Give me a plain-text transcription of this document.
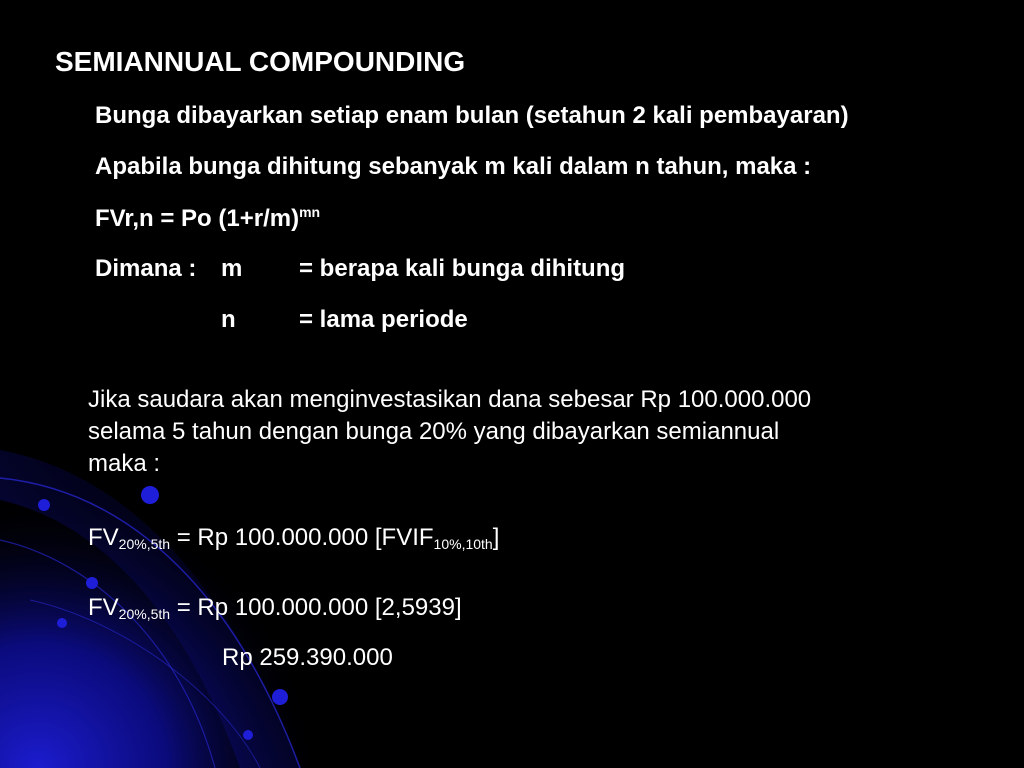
SEMIANNUAL COMPOUNDING
Bunga dibayarkan setiap enam bulan (setahun 2 kali pembayaran)
Apabila bunga dihitung sebanyak m kali dalam n tahun, maka :
FVr,n = Po $(1+r/m)^{mn}$
Dimana : m = berapa kali bunga dihitung
n	= lama periode
Jika saudara akan menginvestasikan dana sebesar Rp 100.000.000
selama 5 tahun dengan bunga 20% yang dibayarkan semiannual
maka :
$FV_{20\%,5th} = Rp$ 100.000.000 $[FVIF_{10\%,10th}]$
$FV_{20\%,5th} = Rp$ 100.000.000 [2,5939]
Rp 259.390.000
